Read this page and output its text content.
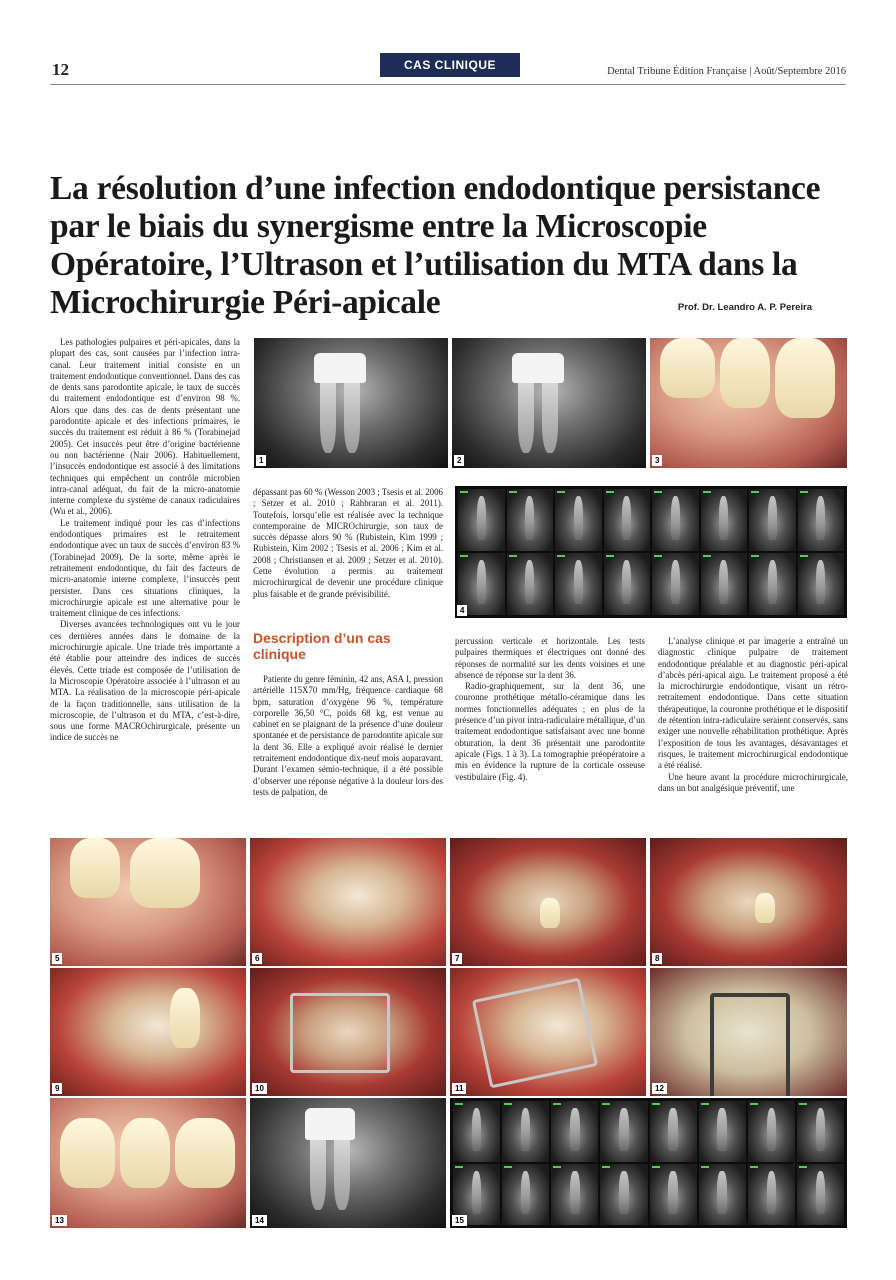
12	CAS CLINIQUE	Dental Tribune Édition Française | Août/Septembre 2016
La résolution d’une infection endodontique persistance par le biais du synergisme entre la Microscopie Opératoire, l’Ultrason et l’utilisation du MTA dans la Microchirurgie Péri-apicale	Prof. Dr. Leandro A. P. Pereira

Les pathologies pulpaires et péri-apicales, dans la plupart des cas, sont causées par l’infection intra-canal. Leur traitement initial consiste en un traitement endodontique conventionnel. Dans des cas de dents sans parodontite apicale, le taux de succès du traitement endodontique est d’environ 98 %. Alors que dans des cas de dents présentant une parodontite apicale et des infections primaires, le succès du traitement est réduit à 86 % (Torabinejad 2005). Cet insuccès peut être d’origine bactérienne ou non bactérienne (Nair 2006). Habituellement, l’insuccès endodontique est associé à des limitations techniques qui empêchent un contrôle microbien intra-canal adéquat, du fait de la micro-anatomie interne complexe du système de canaux radiculaires (Wu et al., 2006).

Le traitement indiqué pour les cas d’infections endodontiques primaires est le retraitement endodontique avec un taux de succès d’environ 83 % (Torabinejad 2009). De la sorte, même après le retraitement endodontique, du fait des facteurs de micro-anatomie interne complexe, l’insuccès peut persister. Dans ces situations cliniques, la microchirurgie apicale est une alternative pour le traitement clinique de ces infections.

Diverses avancées technologiques ont vu le jour ces dernières années dans le domaine de la microchirurgie apicale. Une triade très importante a été établie pour atteindre des indices de succès élevés. Cette triade est composée de l’utilisation de la Microscopie Opératoire associée à l’ultrason et au MTA. La réalisation de la microscopie péri-apicale de la façon traditionnelle, sans utilisation de la microscopie, de l’ultrason et du MTA, c’est-à-dire, sous une forme MACROchirurgicale, présente un indice de succès ne

dépassant pas 60 % (Wesson 2003 ; Tsesis et al. 2006 ; Setzer et al. 2010 ; Rahbraran et al. 2011). Toutefois, lorsqu’elle est réalisée avec la technique contemporaine de MICROchirurgie, son taux de succès dépasse alors 90 % (Rubistein, Kim 1999 ; Rubistein, Kim 2002 ; Tsesis et al. 2006 ; Kim et al. 2008 ; Christiansen et al. 2009 ; Setzer et al. 2010). Cette évolution a permis au traitement microchirurgical de devenir une procédure clinique plus faisable et de grande prévisibilité.

Description d’un cas clinique

Patiente du genre féminin, 42 ans, ASA I, pression artérielle 115X70 mm/Hg, fréquence cardiaque 68 bpm, saturation d’oxygène 96 %, température corporelle 36,50 °C, poids 68 kg, est venue au cabinet en se plaignant de la présence d’une douleur spontanée et de persistance de parodontite apicale sur la dent 36. Elle a expliqué avoir réalisé le dernier retraitement endodontique dix-neuf mois auparavant. Durant l’examen sémio-technique, il a été possible d’observer une réponse négative à la douleur lors des tests de palpation, de

percussion verticale et horizontale. Les tests pulpaires thermiques et électriques ont donné des réponses de normalité sur les dents voisines et une absence de réponse sur la dent 36.

Radio-graphiquement, sur la dent 36, une couronne prothétique métallo-céramique dans les normes fonctionnelles adéquates ; en plus de la présence d’un pivot intra-radiculaire métallique, d’un traitement endodontique satisfaisant avec une bonne obturation, la dent 36 présentait une parodontite apicale (Figs. 1 à 3). La tomographie préopératoire a mis en évidence la rupture de la corticale osseuse vestibulaire (Fig. 4).

L’analyse clinique et par imagerie a entraîné un diagnostic clinique pulpaire de traitement endodontique préalable et au diagnostic péri-apical d’abcès péri-apical aigu. Le traitement proposé a été la microchirurgie endodontique, visant un rétro-retraitement endodontique. Dans cette situation thérapeutique, la couronne prothétique et le dispositif de rétention intra-radiculaire seraient conservés, sans exiger une nouvelle réhabilitation prothétique. Après l’exposition de tous les avantages, désavantages et risques, le traitement microchirurgical endodontique a été réalisé.

Une heure avant la procédure microchirurgicale, dans un but analgésique préventif, une

1	2	3
4
5	6	7	8
9	10	11	12
13	14	15
